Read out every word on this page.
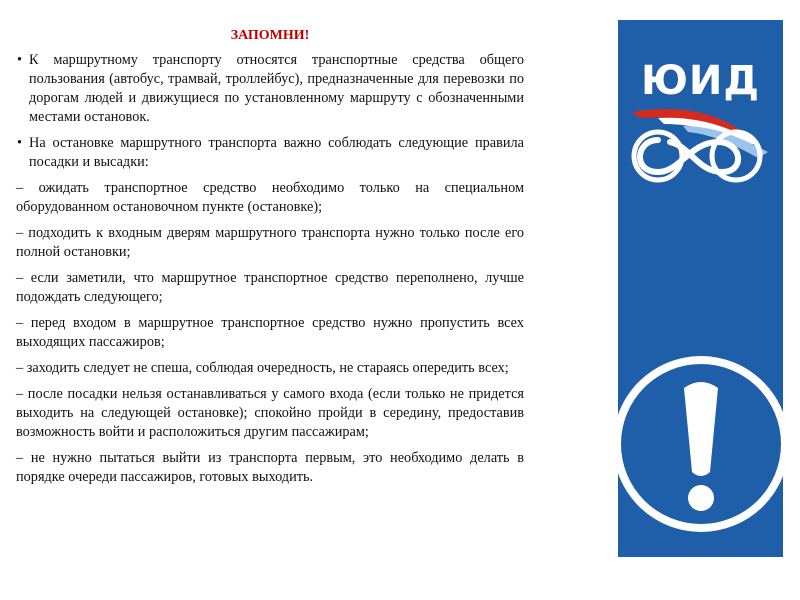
ЗАПОМНИ!
• К маршрутному транспорту относятся транспортные средства общего пользования (автобус, трамвай, троллейбус), предназначенные для перевозки по дорогам людей и движущиеся по установленному маршруту с обозначенными местами остановок.
• На остановке маршрутного транспорта важно соблюдать следующие правила посадки и высадки:
– ожидать транспортное средство необходимо только на специальном оборудованном остановочном пункте (остановке);
– подходить к входным дверям маршрутного транспорта нужно только после его полной остановки;
– если заметили, что маршрутное транспортное средство переполнено, лучше подождать следующего;
– перед входом в маршрутное транспортное средство нужно пропустить всех выходящих пассажиров;
– заходить следует не спеша, соблюдая очередность, не стараясь опередить всех;
– после посадки нельзя останавливаться у самого входа (если только не придется выходить на следующей остановке); спокойно пройди в середину, предоставив возможность войти и расположиться другим пассажирам;
– не нужно пытаться выйти из транспорта первым, это необходимо делать в порядке очереди пассажиров, готовых выходить.
ЮИД
